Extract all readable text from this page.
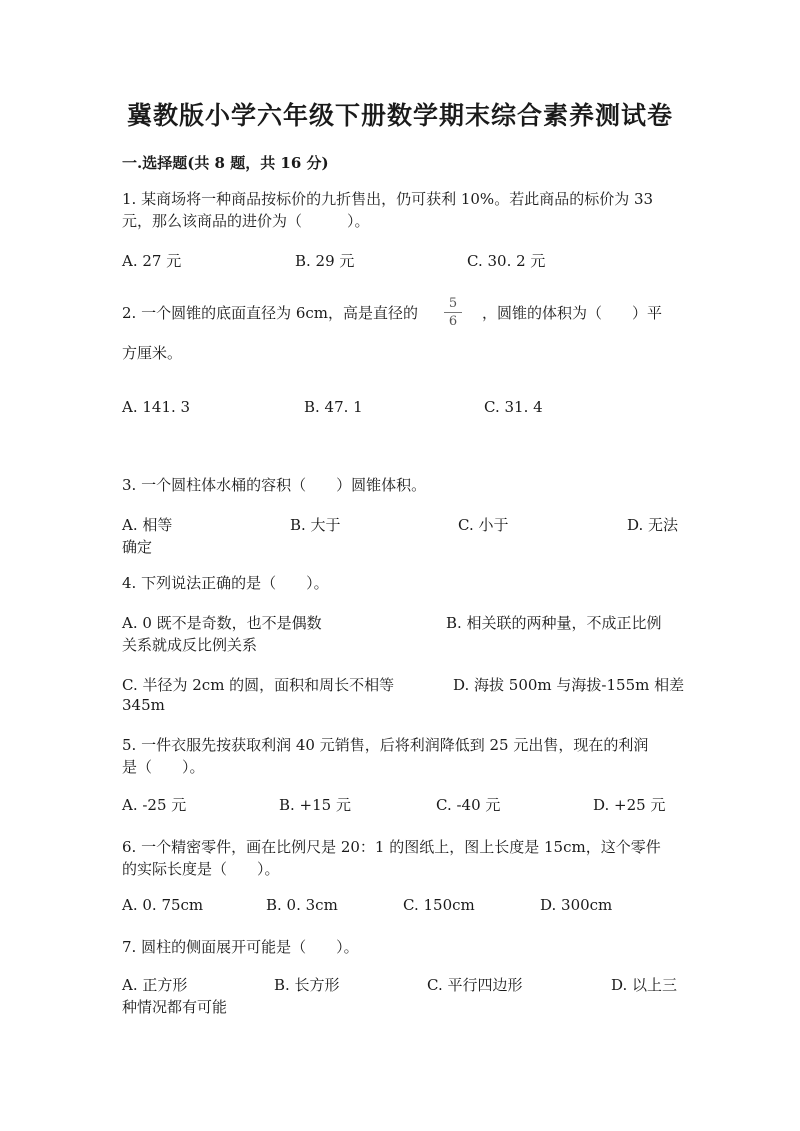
冀教版小学六年级下册数学期末综合素养测试卷
一.选择题(共 8 题，共 16 分)
1. 某商场将一种商品按标价的九折售出，仍可获利 10%。若此商品的标价为 33
元，那么该商品的进价为（　　　）。
A. 27 元	B. 29 元	C. 30. 2 元
2. 一个圆锥的底面直径为 6cm，高是直径的
5
6	，圆锥的体积为（　　）平
方厘米。
A. 141. 3	B. 47. 1	C. 31. 4
3. 一个圆柱体水桶的容积（　　）圆锥体积。
A. 相等	B. 大于	C. 小于	D. 无法
确定
4. 下列说法正确的是（　　）。
A. 0 既不是奇数，也不是偶数	B. 相关联的两种量，不成正比例
关系就成反比例关系
C. 半径为 2cm 的圆，面积和周长不相等	D. 海拔 500m 与海拔-155m 相差
345m
5. 一件衣服先按获取利润 40 元销售，后将利润降低到 25 元出售，现在的利润
是（　　）。
A. -25 元	B. +15 元	C. -40 元	D. +25 元
6. 一个精密零件，画在比例尺是 20：1 的图纸上，图上长度是 15cm，这个零件
的实际长度是（　　）。
A. 0. 75cm	B. 0. 3cm	C. 150cm	D. 300cm
7. 圆柱的侧面展开可能是（　　）。
A. 正方形	B. 长方形	C. 平行四边形	D. 以上三
种情况都有可能
